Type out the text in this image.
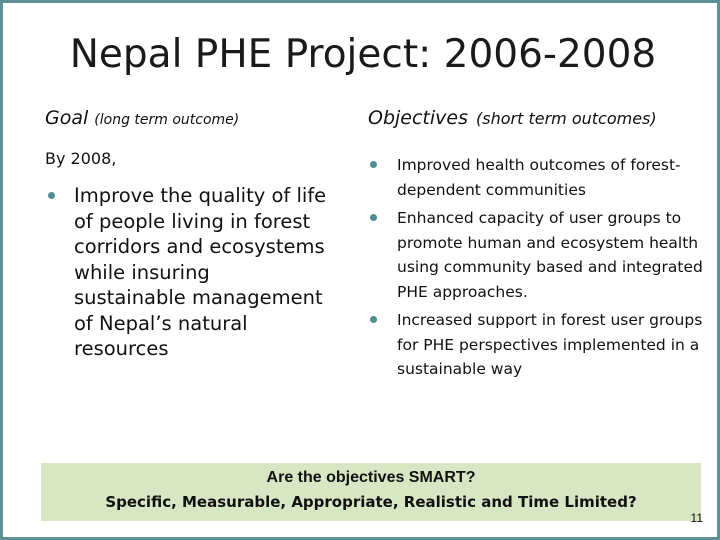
Nepal PHE Project: 2006-2008
Goal (long term outcome)	Objectives (short term outcomes)
By 2008,
Improve the quality of life of people living in forest corridors and ecosystems while insuring sustainable management of Nepal’s natural resources
Improved health outcomes of forest-dependent communities
Enhanced capacity of user groups to promote human and ecosystem health using community based and integrated PHE approaches.
Increased support in forest user groups for PHE perspectives implemented in a sustainable way
Are the objectives SMART?
Specific, Measurable, Appropriate, Realistic and Time Limited?
11
